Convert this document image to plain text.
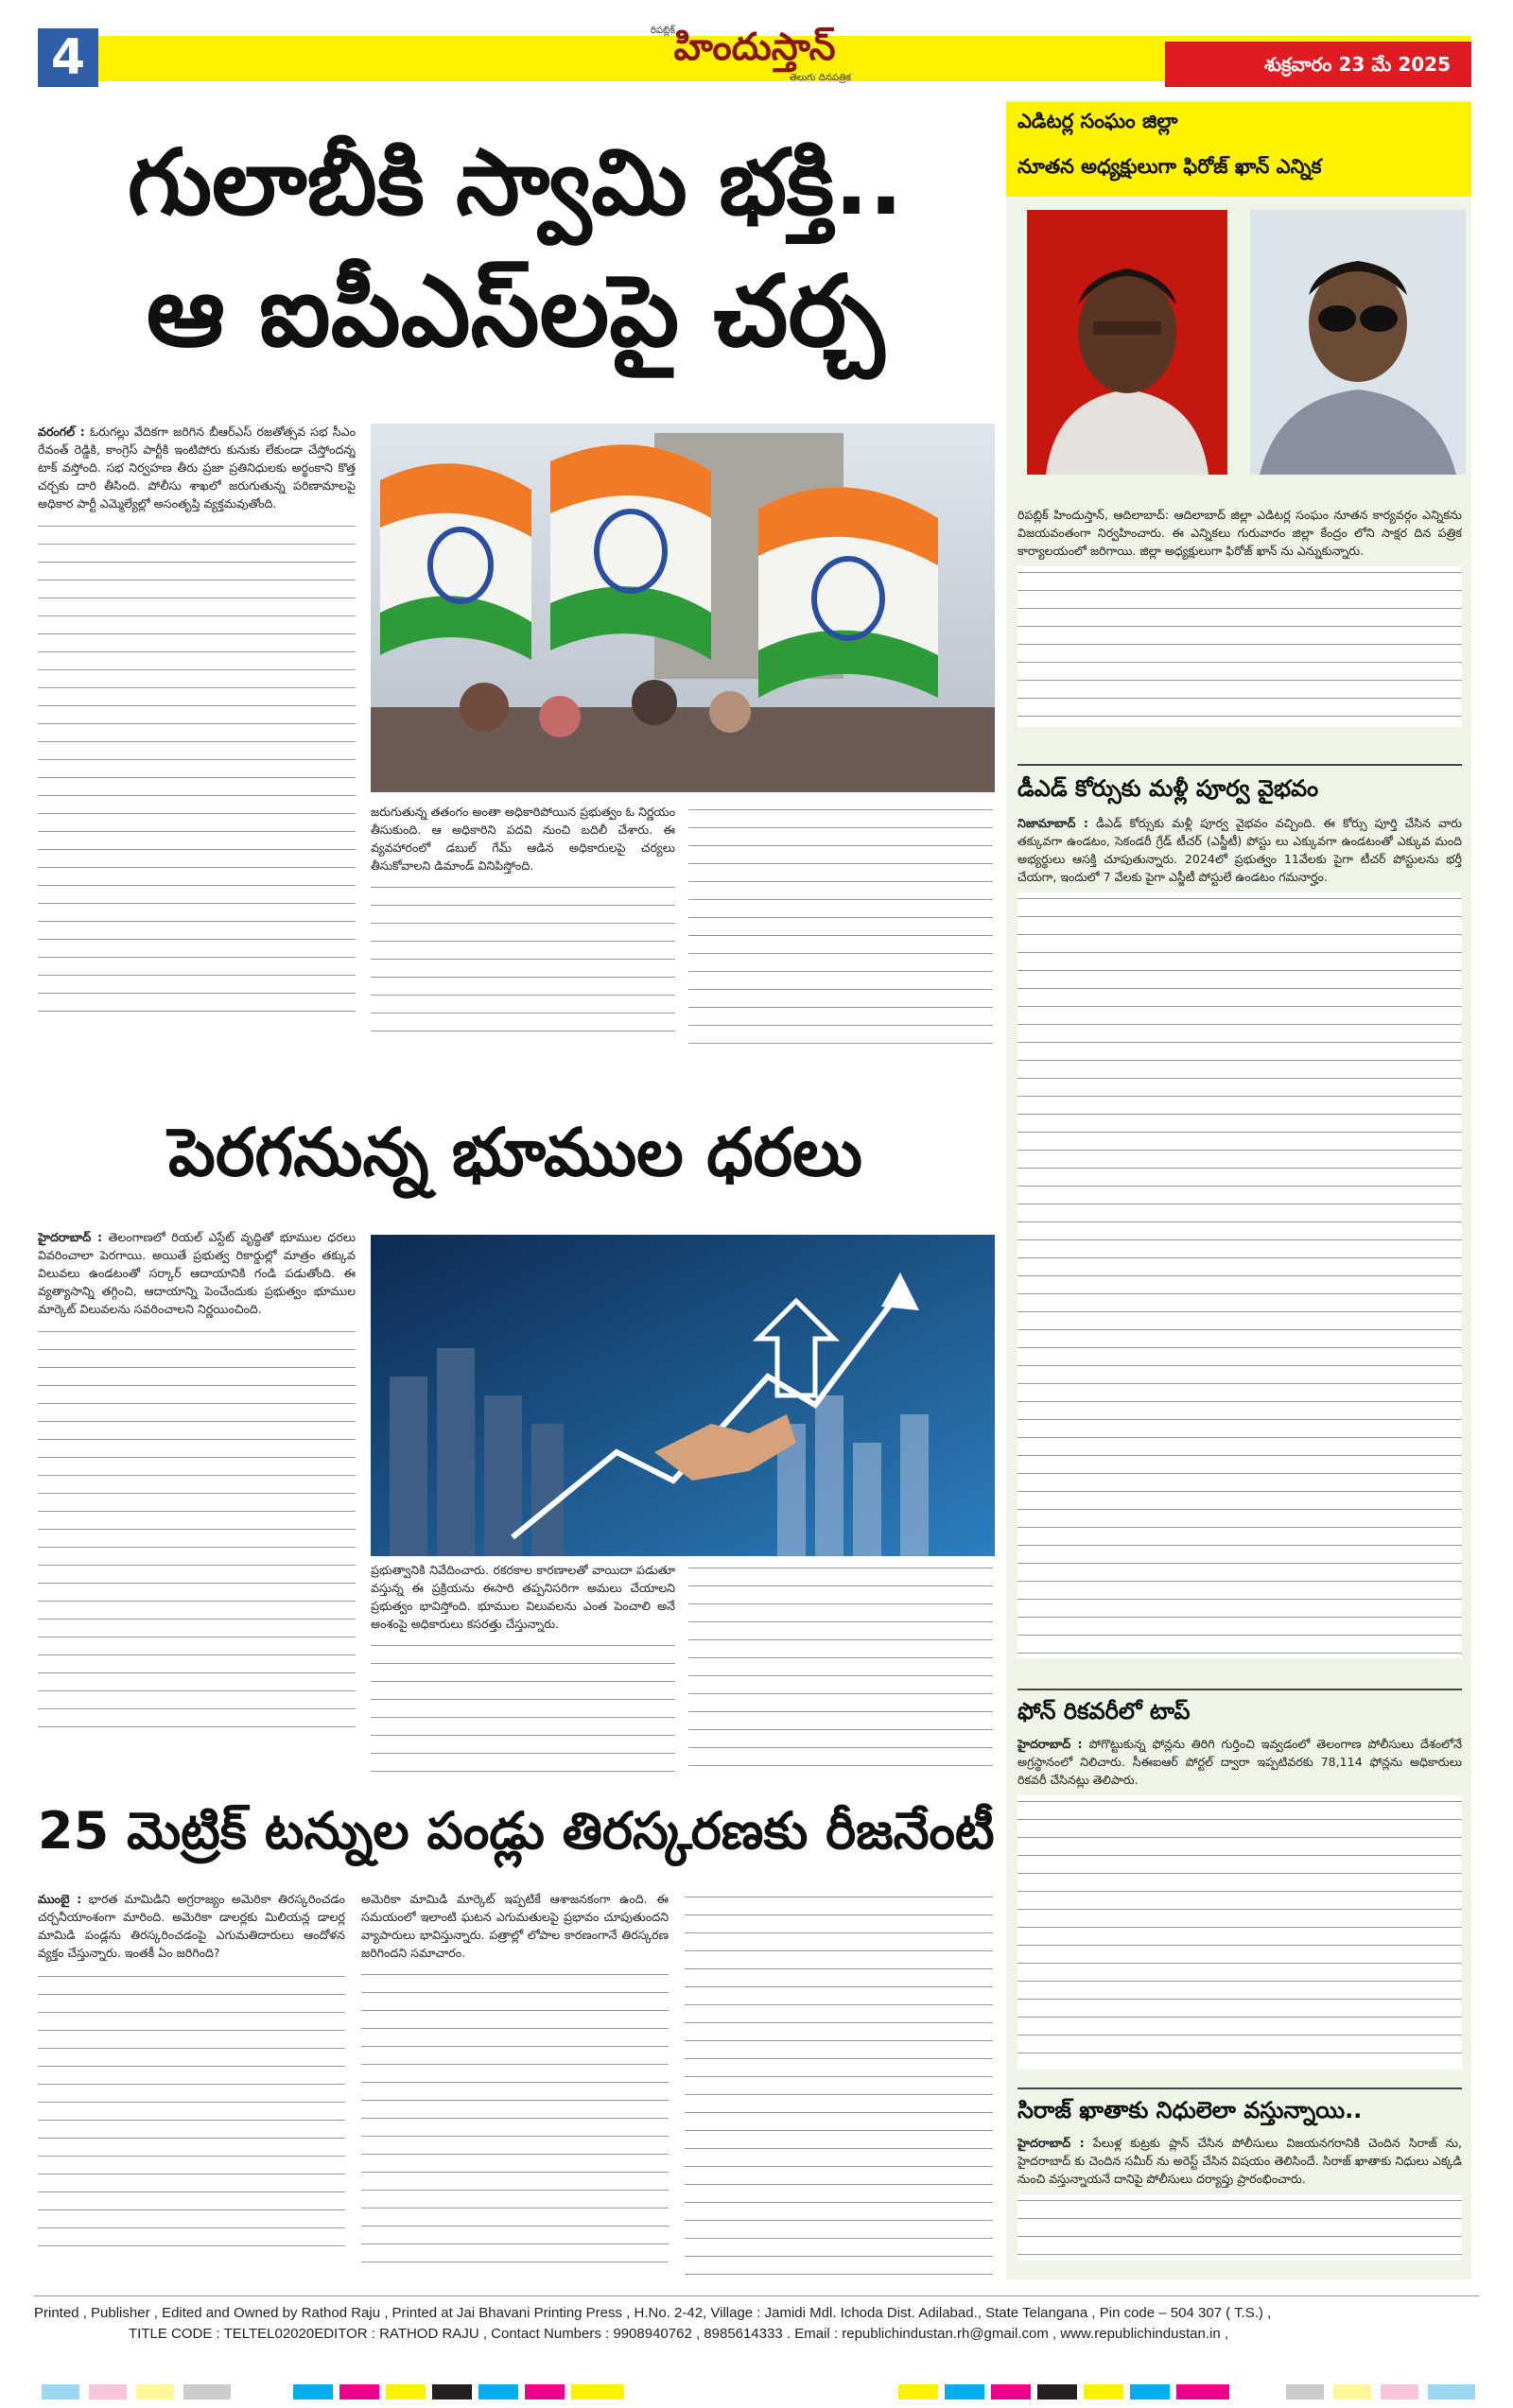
4	రిపబ్లిక్
హిందుస్తాన్
తెలుగు దినపత్రిక
శుక్రవారం 23 మే 2025
గులాబీకి స్వామి భక్తి..
ఆ ఐపీఎస్‌లపై చర్చ
వరంగల్ : ఓరుగల్లు వేదికగా జరిగిన బీఆర్ఎస్ రజతోత్సవ సభ సీఎం రేవంత్ రెడ్డికి, కాంగ్రెస్ పార్టీకి ఇంటిపోరు కునుకు లేకుండా చేస్తోందన్న టాక్ వస్తోంది. సభ నిర్వహణ తీరు ప్రజా ప్రతినిధులకు అర్థంకాని కొత్త చర్చకు దారి తీసింది. పోలీసు శాఖలో జరుగుతున్న పరిణామాలపై అధికార పార్టీ ఎమ్మెల్యేల్లో అసంతృప్తి వ్యక్తమవుతోంది.
జరుగుతున్న తతంగం అంతా అధికారిపోయిన ప్రభుత్వం ఓ నిర్ణయం తీసుకుంది. ఆ అధికారిని పదవి నుంచి బదిలీ చేశారు. ఈ వ్యవహారంలో డబుల్ గేమ్ ఆడిన అధికారులపై చర్యలు తీసుకోవాలని డిమాండ్ వినిపిస్తోంది.
పెరగనున్న భూముల ధరలు
హైదరాబాద్ : తెలంగాణలో రియల్ ఎస్టేట్ వృద్ధితో భూముల ధరలు వివరించాలా పెరగాయి. అయితే ప్రభుత్వ రికార్డుల్లో మాత్రం తక్కువ విలువలు ఉండటంతో సర్కార్ ఆదాయానికి గండి పడుతోంది. ఈ వ్యత్యాసాన్ని తగ్గించి, ఆదాయాన్ని పెంచేందుకు ప్రభుత్వం భూముల మార్కెట్ విలువలను సవరించాలని నిర్ణయించింది.
ప్రభుత్వానికి నివేదించారు. రకరకాల కారణాలతో వాయిదా పడుతూ వస్తున్న ఈ ప్రక్రియను ఈసారి తప్పనిసరిగా అమలు చేయాలని ప్రభుత్వం భావిస్తోంది. భూముల విలువలను ఎంత పెంచాలి అనే అంశంపై అధికారులు కసరత్తు చేస్తున్నారు.
25 మెట్రిక్ టన్నుల పండ్లు తిరస్కరణకు రీజనేంటీ
ముంబై : భారత మామిడిని అగ్రరాజ్యం అమెరికా తిరస్కరించడం చర్చనీయాంశంగా మారింది. అమెరికా డాలర్లకు మిలియన్ల డాలర్ల మామిడి పండ్లను తిరస్కరించడంపై ఎగుమతిదారులు ఆందోళన వ్యక్తం చేస్తున్నారు. ఇంతకీ ఏం జరిగింది?
అమెరికా మామిడి మార్కెట్ ఇప్పటికే ఆశాజనకంగా ఉంది. ఈ సమయంలో ఇలాంటి ఘటన ఎగుమతులపై ప్రభావం చూపుతుందని వ్యాపారులు భావిస్తున్నారు. పత్రాల్లో లోపాల కారణంగానే తిరస్కరణ జరిగిందని సమాచారం.
ఎడిటర్ల సంఘం జిల్లా
నూతన అధ్యక్షులుగా ఫిరోజ్ ఖాన్ ఎన్నిక
రిపబ్లిక్ హిందుస్తాన్, ఆదిలాబాద్: ఆదిలాబాద్ జిల్లా ఎడిటర్ల సంఘం నూతన కార్యవర్గం ఎన్నికను విజయవంతంగా నిర్వహించారు. ఈ ఎన్నికలు గురువారం జిల్లా కేంద్రం లోని సాక్షర దిన పత్రిక కార్యాలయంలో జరిగాయి. జిల్లా అధ్యక్షులుగా ఫిరోజ్ ఖాన్ ను ఎన్నుకున్నారు.
డీఎడ్ కోర్సుకు మళ్లీ పూర్వ వైభవం
నిజామాబాద్ : డీఎడ్ కోర్సుకు మళ్లీ పూర్వ వైభవం వచ్చింది. ఈ కోర్సు పూర్తి చేసిన వారు తక్కువగా ఉండటం, సెకండరీ గ్రేడ్ టీచర్ (ఎస్జీటీ) పోస్టు లు ఎక్కువగా ఉండటంతో ఎక్కువ మంది అభ్యర్థులు ఆసక్తి చూపుతున్నారు. 2024లో ప్రభుత్వం 11వేలకు పైగా టీచర్ పోస్టులను భర్తీ చేయగా, ఇందులో 7 వేలకు పైగా ఎస్జీటీ పోస్టులే ఉండటం గమనార్హం.
ఫోన్ రికవరీలో టాప్
హైదరాబాద్ : పోగొట్టుకున్న ఫోన్లను తిరిగి గుర్తించి ఇవ్వడంలో తెలంగాణ పోలీసులు దేశంలోనే అగ్రస్థానంలో నిలిచారు. సీఈఐఆర్ పోర్టల్ ద్వారా ఇప్పటివరకు 78,114 ఫోన్లను అధికారులు రికవరీ చేసినట్లు తెలిపారు.
సిరాజ్ ఖాతాకు నిధులెలా వస్తున్నాయి..
హైదరాబాద్ : పేలుళ్ల కుట్రకు ప్లాన్ చేసిన పోలీసులు విజయనగరానికి చెందిన సిరాజ్ ను, హైదరాబాద్ కు చెందిన సమీర్ ను అరెస్ట్ చేసిన విషయం తెలిసిందే. సిరాజ్ ఖాతాకు నిధులు ఎక్కడి నుంచి వస్తున్నాయనే దానిపై పోలీసులు దర్యాప్తు ప్రారంభించారు.
Printed , Publisher , Edited and Owned by Rathod Raju , Printed at Jai Bhavani Printing Press , H.No. 2-42, Village : Jamidi Mdl. Ichoda Dist. Adilabad., State Telangana , Pin code – 504 307 ( T.S.) ,
TITLE CODE : TELTEL02020EDITOR : RATHOD RAJU , Contact Numbers : 9908940762 , 8985614333 . Email : republichindustan.rh@gmail.com , www.republichindustan.in ,
